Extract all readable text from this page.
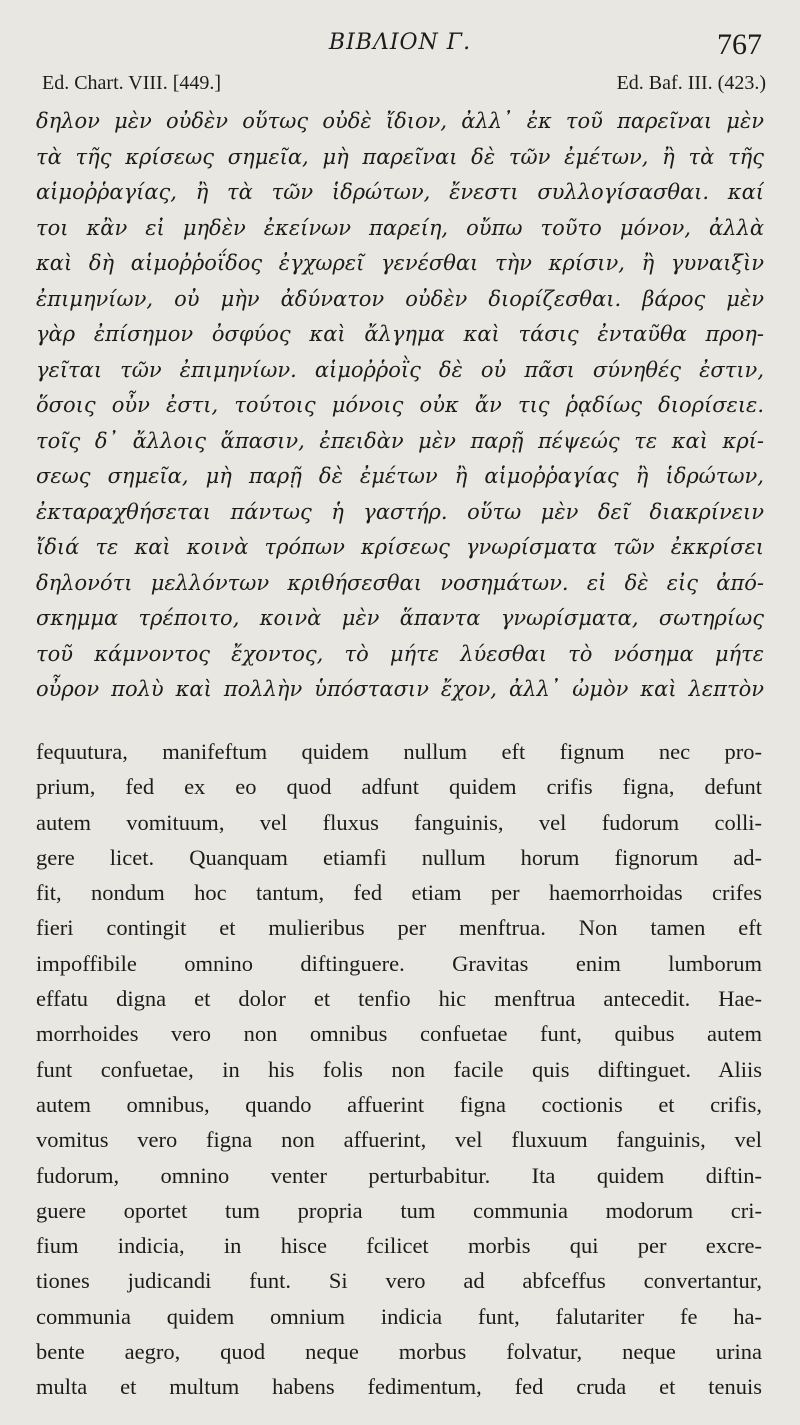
BIBΛION Γ.	767
Ed. Chart. VIII. [449.]	Ed. Baf. III. (423.)
δηλον μὲν οὐδὲν οὕτως οὐδὲ ἴδιον, ἀλλ᾽ ἐκ τοῦ παρεῖναι μὲν
τὰ τῆς κρίσεως σημεῖα, μὴ παρεῖναι δὲ τῶν ἐμέτων, ἢ τὰ τῆς
αἱμοῤῥαγίας, ἢ τὰ τῶν ἱδρώτων, ἔνεστι συλλογίσασθαι. καί
τοι κἂν εἰ μηδὲν ἐκείνων παρείη, οὔπω τοῦτο μόνον, ἀλλὰ
καὶ δὴ αἱμοῤῥοΐδος ἐγχωρεῖ γενέσθαι τὴν κρίσιν, ἢ γυναιξὶν
ἐπιμηνίων, οὐ μὴν ἀδύνατον οὐδὲν διορίζεσθαι. βάρος μὲν
γὰρ ἐπίσημον ὀσφύος καὶ ἄλγημα καὶ τάσις ἐνταῦθα προη-
γεῖται τῶν ἐπιμηνίων. αἱμοῤῥοῒς δὲ οὐ πᾶσι σύνηθές ἐστιν,
ὅσοις οὖν ἐστι, τούτοις μόνοις οὐκ ἄν τις ῥᾳδίως διορίσειε.
τοῖς δ᾽ ἄλλοις ἅπασιν, ἐπειδὰν μὲν παρῇ πέψεώς τε καὶ κρί-
σεως σημεῖα, μὴ παρῇ δὲ ἐμέτων ἢ αἱμοῤῥαγίας ἢ ἱδρώτων,
ἐκταραχθήσεται πάντως ἡ γαστήρ. οὕτω μὲν δεῖ διακρίνειν
ἴδιά τε καὶ κοινὰ τρόπων κρίσεως γνωρίσματα τῶν ἐκκρίσει
δηλονότι μελλόντων κριθήσεσθαι νοσημάτων. εἰ δὲ εἰς ἀπό-
σκημμα τρέποιτο, κοινὰ μὲν ἅπαντα γνωρίσματα, σωτηρίως
τοῦ κάμνοντος ἔχοντος, τὸ μήτε λύεσθαι τὸ νόσημα μήτε
οὖρον πολὺ καὶ πολλὴν ὑπόστασιν ἔχον, ἀλλ᾽ ὠμὸν καὶ λεπτὸν
fequutura, manifeftum quidem nullum eft fignum nec pro-
prium, fed ex eo quod adfunt quidem crifis figna, defunt
autem vomituum, vel fluxus fanguinis, vel fudorum colli-
gere licet. Quanquam etiamfi nullum horum fignorum ad-
fit, nondum hoc tantum, fed etiam per haemorrhoidas crifes
fieri contingit et mulieribus per menftrua. Non tamen eft
impoffibile omnino diftinguere. Gravitas enim lumborum
effatu digna et dolor et tenfio hic menftrua antecedit. Hae-
morrhoides vero non omnibus confuetae funt, quibus autem
funt confuetae, in his folis non facile quis diftinguet. Aliis
autem omnibus, quando affuerint figna coctionis et crifis,
vomitus vero figna non affuerint, vel fluxuum fanguinis, vel
fudorum, omnino venter perturbabitur. Ita quidem diftin-
guere oportet tum propria tum communia modorum cri-
fium indicia, in hisce fcilicet morbis qui per excre-
tiones judicandi funt. Si vero ad abfceffus convertantur,
communia quidem omnium indicia funt, falutariter fe ha-
bente aegro, quod neque morbus folvatur, neque urina
multa et multum habens fedimentum, fed cruda et tenuis
